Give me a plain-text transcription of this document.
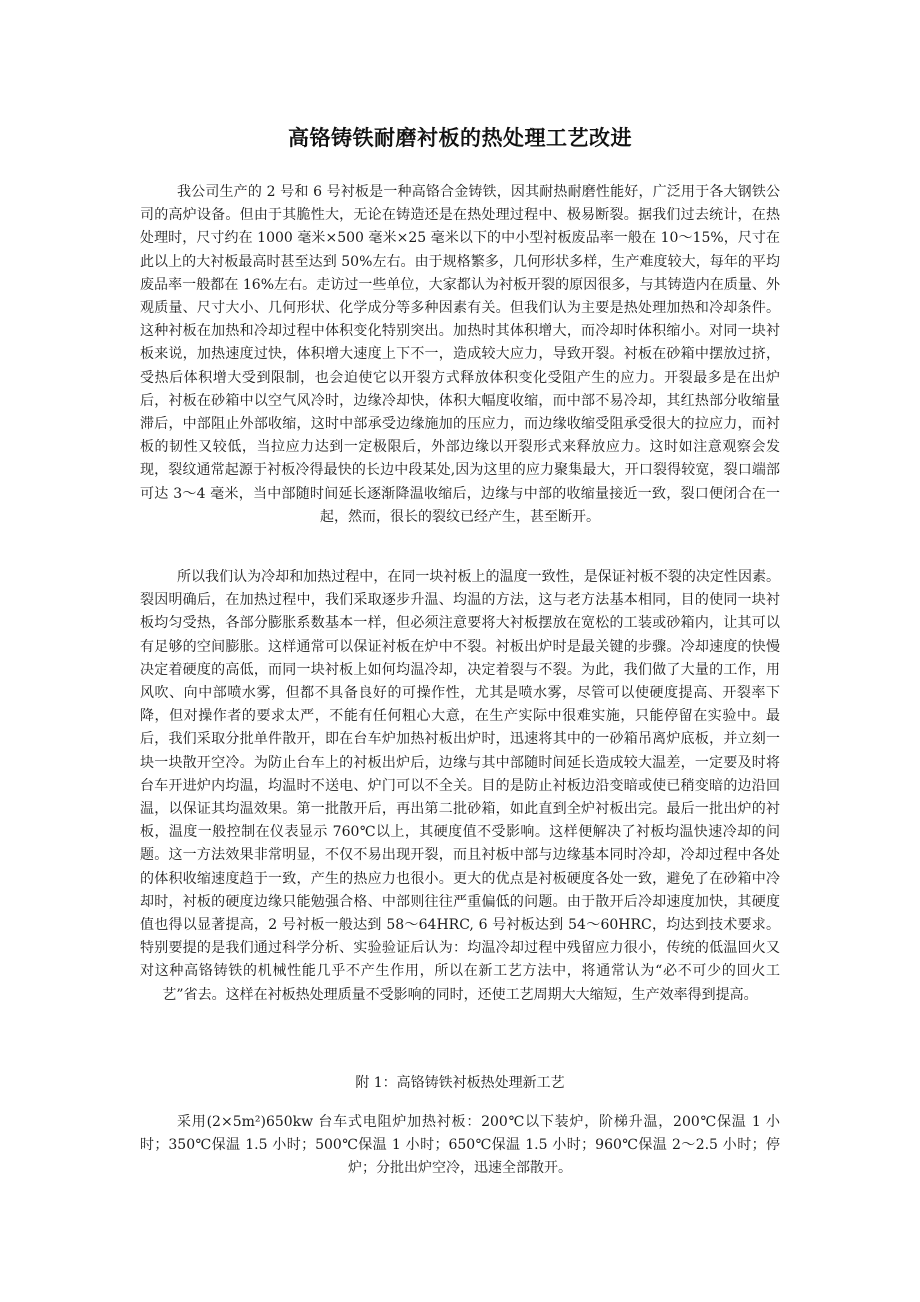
高铬铸铁耐磨衬板的热处理工艺改进

我公司生产的 2 号和 6 号衬板是一种高铬合金铸铁，因其耐热耐磨性能好，广泛用于各大钢铁公司的高炉设备。但由于其脆性大，无论在铸造还是在热处理过程中、极易断裂。据我们过去统计，在热处理时，尺寸约在 1000 毫米×500 毫米×25 毫米以下的中小型衬板废品率一般在 10～15%，尺寸在此以上的大衬板最高时甚至达到 50%左右。由于规格繁多，几何形状多样，生产难度较大，每年的平均废品率一般都在 16%左右。走访过一些单位，大家都认为衬板开裂的原因很多，与其铸造内在质量、外观质量、尺寸大小、几何形状、化学成分等多种因素有关。但我们认为主要是热处理加热和冷却条件。这种衬板在加热和冷却过程中体积变化特别突出。加热时其体积增大，而冷却时体积缩小。对同一块衬板来说，加热速度过快，体积增大速度上下不一，造成较大应力，导致开裂。衬板在砂箱中摆放过挤，受热后体积增大受到限制，也会迫使它以开裂方式释放体积变化受阻产生的应力。开裂最多是在出炉后，衬板在砂箱中以空气风冷时，边缘冷却快，体积大幅度收缩，而中部不易冷却，其红热部分收缩量滞后，中部阻止外部收缩，这时中部承受边缘施加的压应力，而边缘收缩受阻承受很大的拉应力，而衬板的韧性又较低，当拉应力达到一定极限后，外部边缘以开裂形式来释放应力。这时如注意观察会发现，裂纹通常起源于衬板冷得最快的长边中段某处,因为这里的应力聚集最大，开口裂得较宽，裂口端部可达 3～4 毫米，当中部随时间延长逐渐降温收缩后，边缘与中部的收缩量接近一致，裂口便闭合在一起，然而，很长的裂纹已经产生，甚至断开。

所以我们认为冷却和加热过程中，在同一块衬板上的温度一致性，是保证衬板不裂的决定性因素。裂因明确后，在加热过程中，我们采取逐步升温、均温的方法，这与老方法基本相同，目的使同一块衬板均匀受热，各部分膨胀系数基本一样，但必须注意要将大衬板摆放在宽松的工装或砂箱内，让其可以有足够的空间膨胀。这样通常可以保证衬板在炉中不裂。衬板出炉时是最关键的步骤。冷却速度的快慢决定着硬度的高低，而同一块衬板上如何均温冷却，决定着裂与不裂。为此，我们做了大量的工作，用风吹、向中部喷水雾，但都不具备良好的可操作性，尤其是喷水雾，尽管可以使硬度提高、开裂率下降，但对操作者的要求太严，不能有任何粗心大意，在生产实际中很难实施，只能停留在实验中。最后，我们采取分批单件散开，即在台车炉加热衬板出炉时，迅速将其中的一砂箱吊离炉底板，并立刻一块一块散开空冷。为防止台车上的衬板出炉后，边缘与其中部随时间延长造成较大温差，一定要及时将台车开进炉内均温，均温时不送电、炉门可以不全关。目的是防止衬板边沿变暗或使已稍变暗的边沿回温，以保证其均温效果。第一批散开后，再出第二批砂箱，如此直到全炉衬板出完。最后一批出炉的衬板，温度一般控制在仪表显示 760℃以上，其硬度值不受影响。这样便解决了衬板均温快速冷却的问题。这一方法效果非常明显，不仅不易出现开裂，而且衬板中部与边缘基本同时冷却，冷却过程中各处的体积收缩速度趋于一致，产生的热应力也很小。更大的优点是衬板硬度各处一致，避免了在砂箱中冷却时，衬板的硬度边缘只能勉强合格、中部则往往严重偏低的问题。由于散开后冷却速度加快，其硬度值也得以显著提高，2 号衬板一般达到 58～64HRC, 6 号衬板达到 54～60HRC，均达到技术要求。特别要提的是我们通过科学分析、实验验证后认为：均温冷却过程中残留应力很小，传统的低温回火又对这种高铬铸铁的机械性能几乎不产生作用，所以在新工艺方法中，将通常认为“必不可少的回火工艺”省去。这样在衬板热处理质量不受影响的同时，还使工艺周期大大缩短，生产效率得到提高。

附 1：高铬铸铁衬板热处理新工艺

采用(2×5m²)650kw 台车式电阻炉加热衬板：200℃以下装炉，阶梯升温，200℃保温 1 小时；350℃保温 1.5 小时；500℃保温 1 小时；650℃保温 1.5 小时；960℃保温 2～2.5 小时；停炉；分批出炉空冷，迅速全部散开。
